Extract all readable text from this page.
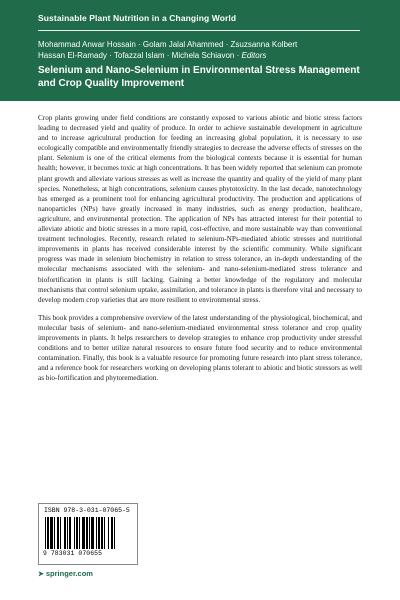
Sustainable Plant Nutrition in a Changing World
Mohammad Anwar Hossain · Golam Jalal Ahammed · Zsuzsanna Kolbert
Hassan El-Ramady · Tofazzal Islam · Michela Schiavon · Editors
Selenium and Nano-Selenium in Environmental Stress Management and Crop Quality Improvement

Crop plants growing under field conditions are constantly exposed to various abiotic and biotic stress factors leading to decreased yield and quality of produce. In order to achieve sustainable development in agriculture and to increase agricultural production for feeding an increasing global population, it is necessary to use ecologically compatible and environmentally friendly strategies to decrease the adverse effects of stresses on the plant. Selenium is one of the critical elements from the biological contexts because it is essential for human health; however, it becomes toxic at high concentrations. It has been widely reported that selenium can promote plant growth and alleviate various stresses as well as increase the quantity and quality of the yield of many plant species. Nonetheless, at high concentrations, selenium causes phytotoxicity. In the last decade, nanotechnology has emerged as a prominent tool for enhancing agricultural productivity. The production and applications of nanoparticles (NPs) have greatly increased in many industries, such as energy production, healthcare, agriculture, and environmental protection. The application of NPs has attracted interest for their potential to alleviate abiotic and biotic stresses in a more rapid, cost-effective, and more sustainable way than conventional treatment technologies. Recently, research related to selenium-NPs-mediated abiotic stresses and nutritional improvements in plants has received considerable interest by the scientific community. While significant progress was made in selenium biochemistry in relation to stress tolerance, an in-depth understanding of the molecular mechanisms associated with the selenium- and nano-selenium-mediated stress tolerance and biofortification in plants is still lacking. Gaining a better knowledge of the regulatory and molecular mechanisms that control selenium uptake, assimilation, and tolerance in plants is therefore vital and necessary to develop modern crop varieties that are more resilient to environmental stress.

This book provides a comprehensive overview of the latest understanding of the physiological, biochemical, and molecular basis of selenium- and nano-selenium-mediated environmental stress tolerance and crop quality improvements in plants. It helps researchers to develop strategies to enhance crop productivity under stressful conditions and to better utilize natural resources to ensure future food security and to reduce environmental contamination. Finally, this book is a valuable resource for promoting future research into plant stress tolerance, and a reference book for researchers working on developing plants tolerant to abiotic and biotic stressors as well as bio-fortification and phytoremediation.

ISBN 978-3-031-07065-5
9 783031 070655
➤ springer.com
